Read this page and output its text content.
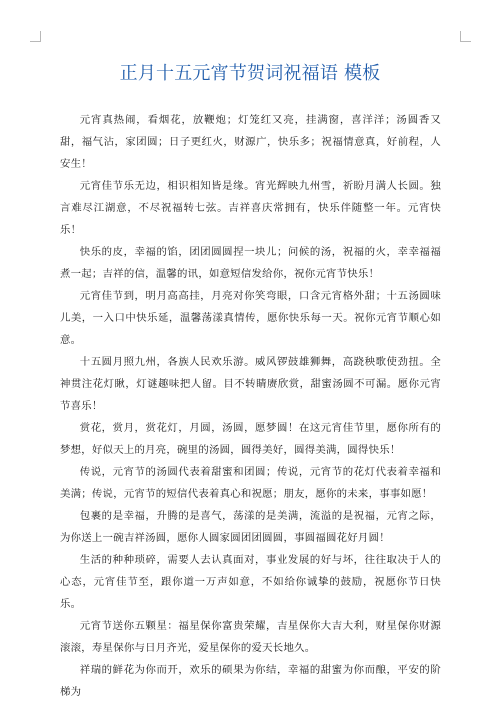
正月十五元宵节贺词祝福语 模板

元宵真热闹，看烟花，放鞭炮；灯笼红又亮，挂满窗，喜洋洋；汤圆香又甜，福气沾，家团圆；日子更红火，财源广，快乐多；祝福情意真，好前程，人安生！

元宵佳节乐无边，相识相知皆是缘。宵光辉映九州雪，祈盼月满人长圆。独言难尽江湖意，不尽祝福转七弦。吉祥喜庆常拥有，快乐伴随整一年。元宵快乐！

快乐的皮，幸福的馅，团团圆圆捏一块儿；问候的汤，祝福的火，幸幸福福煮一起；吉祥的信，温馨的讯，如意短信发给你，祝你元宵节快乐！

元宵佳节到，明月高高挂，月亮对你笑弯眼，口含元宵格外甜；十五汤圆味儿美，一入口中快乐延，温馨荡漾真情传，愿你快乐每一天。祝你元宵节顺心如意。

十五圆月照九州，各族人民欢乐游。威风锣鼓雄狮舞，高跷秧歌使劲扭。全神贯注花灯瞅，灯谜趣味把人留。目不转睛赓欣赏，甜蜜汤圆不可漏。愿你元宵节喜乐！

赏花，赏月，赏花灯，月圆，汤圆，愿梦圆！在这元宵佳节里，愿你所有的梦想，好似天上的月亮，碗里的汤圆，圆得美好，圆得美满，圆得快乐！

传说，元宵节的汤圆代表着甜蜜和团圆；传说，元宵节的花灯代表着幸福和美满；传说，元宵节的短信代表着真心和祝愿；朋友，愿你的未来，事事如愿！

包裹的是幸福，升腾的是喜气，荡漾的是美满，流溢的是祝福，元宵之际，为你送上一碗吉祥汤圆，愿你人圆家圆团团圆圆，事圆福圆花好月圆！

生活的种种琐碎，需要人去认真面对，事业发展的好与坏，往往取决于人的心态，元宵佳节至，跟你道一万声如意，不如给你诚挚的鼓励，祝愿你节日快乐。

元宵节送你五颗星：福星保你富贵荣耀，吉星保你大吉大利，财星保你财源滚滚，寿星保你与日月齐光，爱星保你的爱天长地久。

祥瑞的鲜花为你而开，欢乐的硕果为你结，幸福的甜蜜为你而酿，平安的阶梯为
